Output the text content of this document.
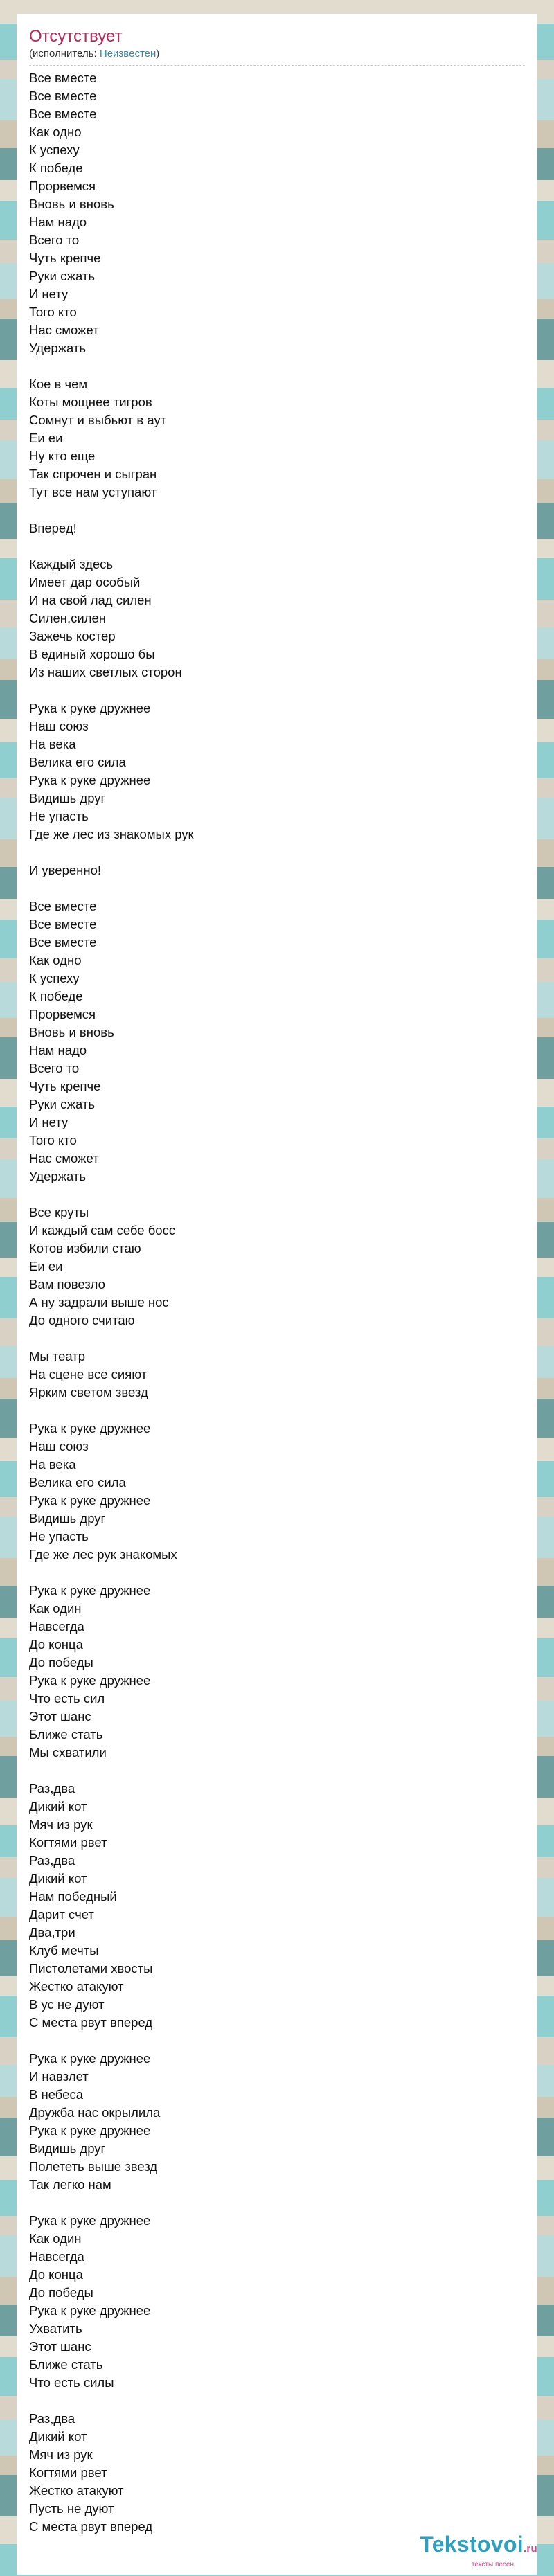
Отсутствует

(исполнитель: Неизвестен)

Все вместе
Все вместе
Все вместе
Как одно
К успеху
К победе
Прорвемся
Вновь и вновь
Нам надо
Всего то
Чуть крепче
Руки сжать
И нету
Того кто
Нас сможет
Удержать
Кое в чем
Коты мощнее тигров
Сомнут и выбьют в аут
Еи еи
Ну кто еще
Так спрочен и сыгран
Тут все нам уступают
Вперед!
Каждый здесь
Имеет дар особый
И на свой лад силен
Силен,силен
Зажечь костер
В единый хорошо бы
Из наших светлых сторон
Рука к руке дружнее
Наш союз
На века
Велика его сила
Рука к руке дружнее
Видишь друг
Не упасть
Где же лес из знакомых рук
И уверенно!
Все вместе
Все вместе
Все вместе
Как одно
К успеху
К победе
Прорвемся
Вновь и вновь
Нам надо
Всего то
Чуть крепче
Руки сжать
И нету
Того кто
Нас сможет
Удержать
Все круты
И каждый сам себе босс
Котов избили стаю
Еи еи
Вам повезло
А ну задрали выше нос
До одного считаю
Мы театр
На сцене все сияют
Ярким светом звезд
Рука к руке дружнее
Наш союз
На века
Велика его сила
Рука к руке дружнее
Видишь друг
Не упасть
Где же лес рук знакомых
Рука к руке дружнее
Как один
Навсегда
До конца
До победы
Рука к руке дружнее
Что есть сил
Этот шанс
Ближе стать
Мы схватили
Раз,два
Дикий кот
Мяч из рук
Когтями рвет
Раз,два
Дикий кот
Нам победный
Дарит счет
Два,три
Клуб мечты
Пистолетами хвосты
Жестко атакуют
В ус не дуют
С места рвут вперед
Рука к руке дружнее
И навзлет
В небеса
Дружба нас окрылила
Рука к руке дружнее
Видишь друг
Полететь выше звезд
Так легко нам
Рука к руке дружнее
Как один
Навсегда
До конца
До победы
Рука к руке дружнее
Ухватить
Этот шанс
Ближе стать
Что есть силы
Раз,два
Дикий кот
Мяч из рук
Когтями рвет
Жестко атакуют
Пусть не дуют
С места рвут вперед
Tekstovoi.ru
тексты песен
